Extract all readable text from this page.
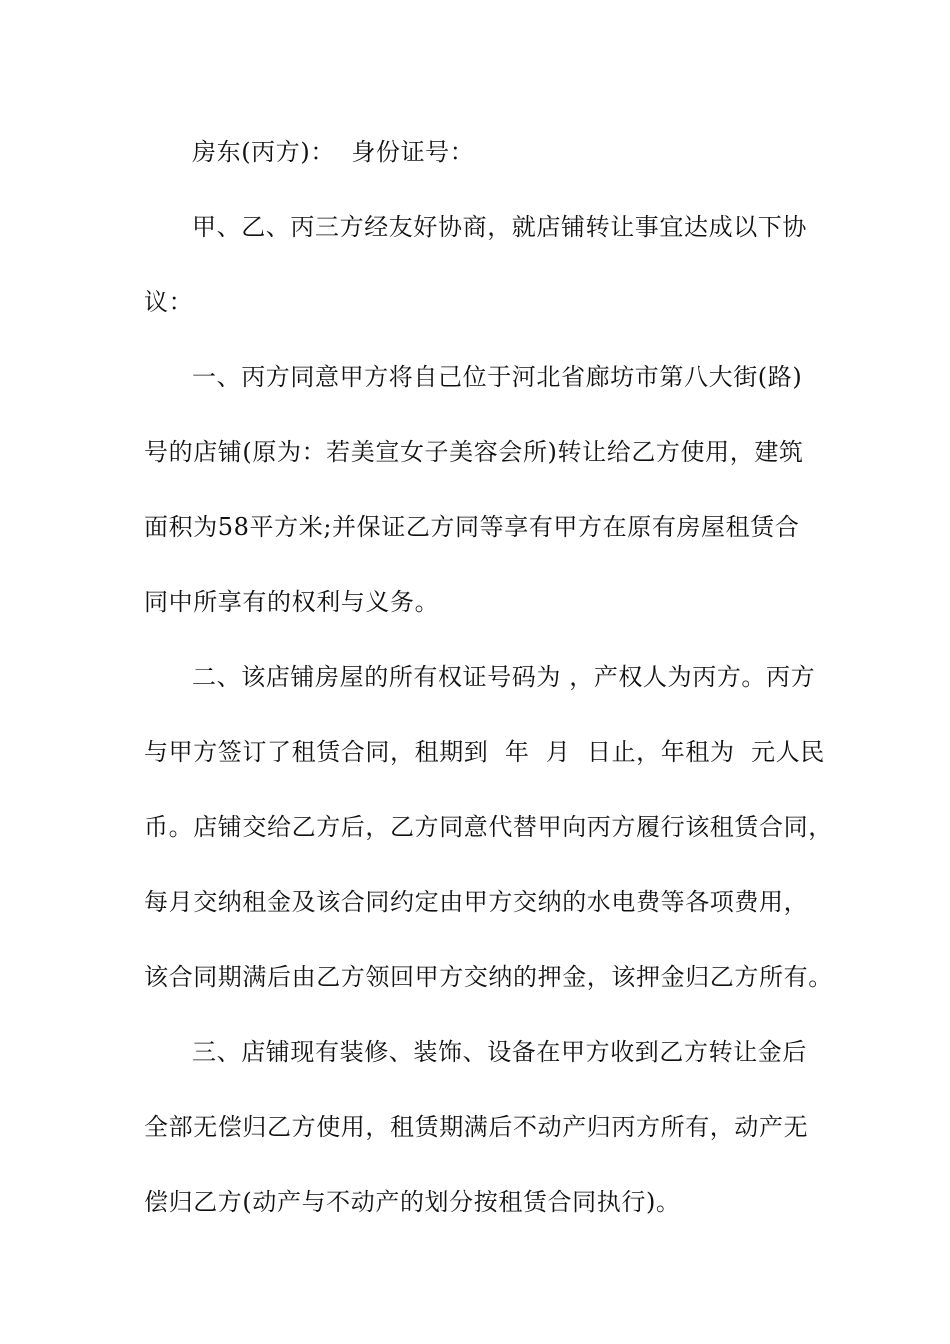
房东(丙方)：  身份证号：
甲、乙、丙三方经友好协商，就店铺转让事宜达成以下协
议：
一、丙方同意甲方将自己位于河北省廊坊市第八大街(路)
号的店铺(原为：若美宣女子美容会所)转让给乙方使用，建筑
面积为58平方米;并保证乙方同等享有甲方在原有房屋租赁合
同中所享有的权利与义务。
二、该店铺房屋的所有权证号码为 ，产权人为丙方。丙方
与甲方签订了租赁合同，租期到  年  月  日止，年租为  元人民
币。店铺交给乙方后，乙方同意代替甲向丙方履行该租赁合同，
每月交纳租金及该合同约定由甲方交纳的水电费等各项费用，
该合同期满后由乙方领回甲方交纳的押金，该押金归乙方所有。
三、店铺现有装修、装饰、设备在甲方收到乙方转让金后
全部无偿归乙方使用，租赁期满后不动产归丙方所有，动产无
偿归乙方(动产与不动产的划分按租赁合同执行)。
